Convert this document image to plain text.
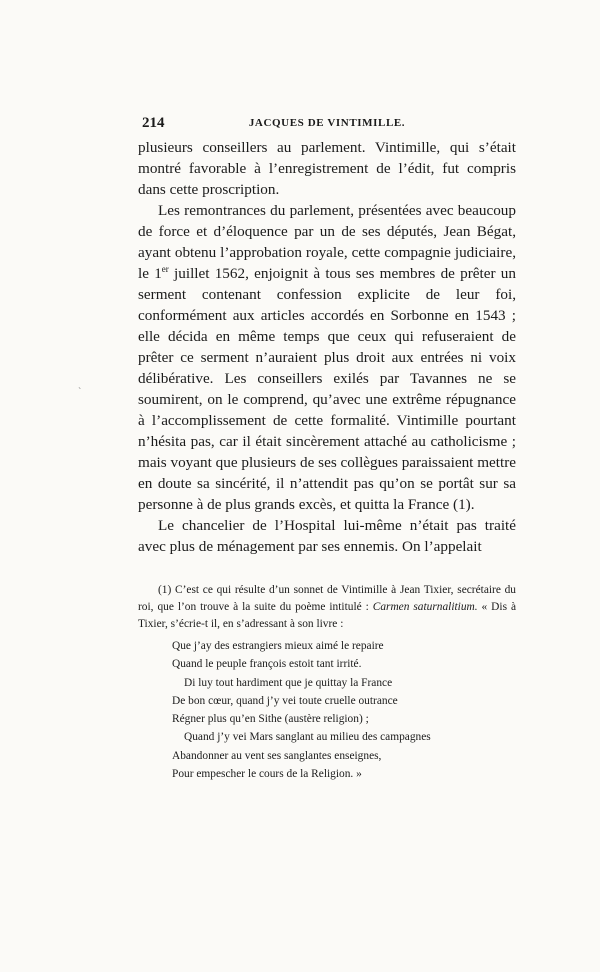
`
214	JACQUES DE VINTIMILLE.

plusieurs conseillers au parlement. Vintimille, qui s’était montré favorable à l’enregistrement de l’édit, fut compris dans cette proscription.

Les remontrances du parlement, présentées avec beaucoup de force et d’éloquence par un de ses députés, Jean Bégat, ayant obtenu l’approbation royale, cette compagnie judiciaire, le 1er juillet 1562, enjoignit à tous ses membres de prêter un serment contenant confession explicite de leur foi, conformément aux articles accordés en Sorbonne en 1543 ; elle décida en même temps que ceux qui refuseraient de prêter ce serment n’auraient plus droit aux entrées ni voix délibérative. Les conseillers exilés par Tavannes ne se soumirent, on le comprend, qu’avec une extrême répugnance à l’accomplissement de cette formalité. Vintimille pourtant n’hésita pas, car il était sincèrement attaché au catholicisme ; mais voyant que plusieurs de ses collègues paraissaient mettre en doute sa sincérité, il n’attendit pas qu’on se portât sur sa personne à de plus grands excès, et quitta la France (1).

Le chancelier de l’Hospital lui-même n’était pas traité avec plus de ménagement par ses ennemis. On l’appelait

(1) C’est ce qui résulte d’un sonnet de Vintimille à Jean Tixier, secrétaire du roi, que l’on trouve à la suite du poème intitulé : Carmen saturnalitium. « Dis à Tixier, s’écrie-t il, en s’adressant à son livre :

Que j’ay des estrangiers mieux aimé le repaire
Quand le peuple françois estoit tant irrité.
Di luy tout hardiment que je quittay la France
De bon cœur, quand j’y vei toute cruelle outrance
Régner plus qu’en Sithe (austère religion) ;
Quand j’y vei Mars sanglant au milieu des campagnes
Abandonner au vent ses sanglantes enseignes,
Pour empescher le cours de la Religion. »
